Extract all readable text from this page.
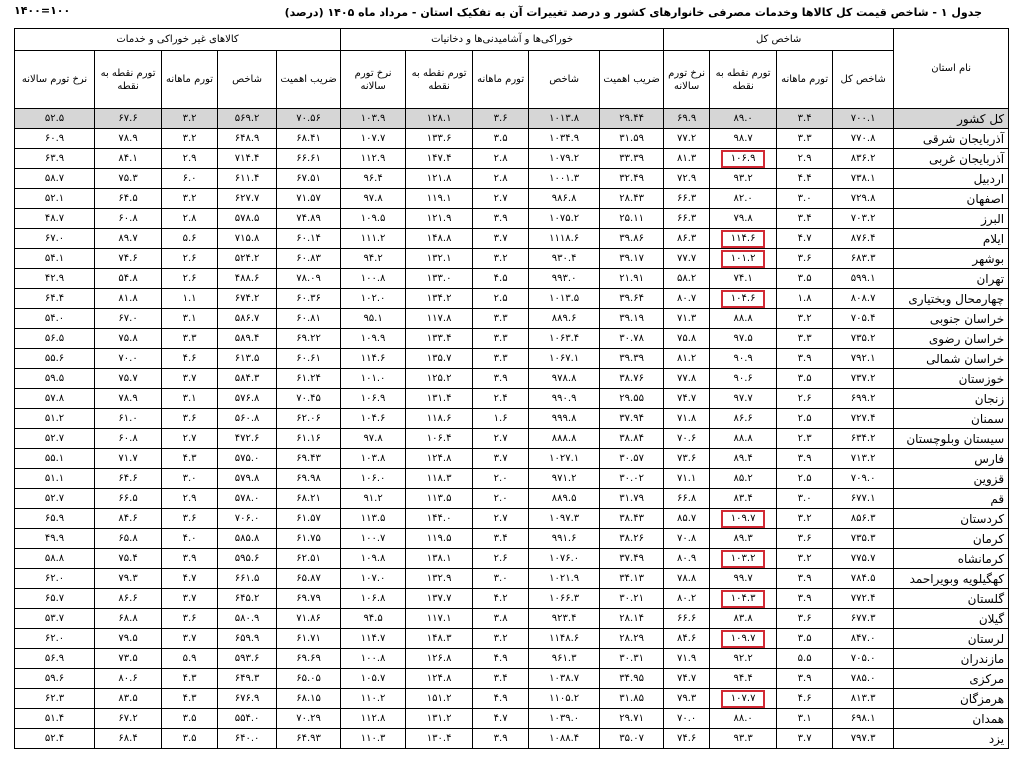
۱۴۰۰=۱۰۰	جدول ۱ - شاخص قیمت کل کالاها وخدمات مصرفی خانوارهای کشور و درصد تغییرات آن به تفکیک استان - مرداد ماه ۱۴۰۵ (درصد)
نام استان	شاخص کل				خوراکی‌ها و آشامیدنی‌ها و دخانیات					کالاهای غیر خوراکی و خدمات				
	شاخص کل	تورم ماهانه	تورم نقطه به نقطه	نرخ تورم سالانه	ضریب اهمیت	شاخص	تورم ماهانه	تورم نقطه به نقطه	نرخ تورم سالانه	ضریب اهمیت	شاخص	تورم ماهانه	تورم نقطه به نقطه	نرخ تورم سالانه
کل کشور	۷۰۰.۱	۳.۴	۸۹.۰	۶۹.۹	۲۹.۴۴	۱۰۱۳.۸	۳.۶	۱۲۸.۱	۱۰۳.۹	۷۰.۵۶	۵۶۹.۲	۳.۲	۶۷.۶	۵۲.۵
آذربایجان شرقی	۷۷۰.۸	۳.۳	۹۸.۷	۷۷.۲	۳۱.۵۹	۱۰۳۴.۹	۳.۵	۱۳۳.۶	۱۰۷.۷	۶۸.۴۱	۶۴۸.۹	۳.۲	۷۸.۹	۶۰.۹
آذربایجان غربی	۸۳۶.۲	۲.۹	۱۰۶.۹	۸۱.۳	۳۳.۳۹	۱۰۷۹.۲	۲.۸	۱۴۷.۴	۱۱۲.۹	۶۶.۶۱	۷۱۴.۴	۲.۹	۸۴.۱	۶۳.۹
اردبیل	۷۳۸.۱	۴.۴	۹۳.۲	۷۲.۹	۳۲.۴۹	۱۰۰۱.۳	۲.۸	۱۲۱.۸	۹۶.۴	۶۷.۵۱	۶۱۱.۴	۶.۰	۷۵.۳	۵۸.۷
اصفهان	۷۲۹.۸	۳.۰	۸۲.۰	۶۶.۳	۲۸.۴۳	۹۸۶.۸	۲.۷	۱۱۹.۱	۹۷.۸	۷۱.۵۷	۶۲۷.۷	۳.۲	۶۴.۵	۵۲.۱
البرز	۷۰۳.۲	۳.۴	۷۹.۸	۶۶.۳	۲۵.۱۱	۱۰۷۵.۲	۳.۹	۱۲۱.۹	۱۰۹.۵	۷۴.۸۹	۵۷۸.۵	۲.۸	۶۰.۸	۴۸.۷
ایلام	۸۷۶.۴	۴.۷	۱۱۴.۶	۸۶.۳	۳۹.۸۶	۱۱۱۸.۶	۳.۷	۱۴۸.۸	۱۱۱.۲	۶۰.۱۴	۷۱۵.۸	۵.۶	۸۹.۷	۶۷.۰
بوشهر	۶۸۳.۳	۳.۶	۱۰۱.۲	۷۷.۷	۳۹.۱۷	۹۳۰.۴	۳.۲	۱۳۲.۱	۹۴.۲	۶۰.۸۳	۵۲۴.۲	۲.۶	۷۴.۶	۵۴.۱
تهران	۵۹۹.۱	۳.۵	۷۴.۱	۵۸.۲	۲۱.۹۱	۹۹۳.۰	۴.۵	۱۳۳.۰	۱۰۰.۸	۷۸.۰۹	۴۸۸.۶	۲.۶	۵۴.۸	۴۲.۹
چهارمحال وبختیاری	۸۰۸.۷	۱.۸	۱۰۴.۶	۸۰.۷	۳۹.۶۴	۱۰۱۳.۵	۲.۵	۱۳۴.۲	۱۰۲.۰	۶۰.۳۶	۶۷۴.۲	۱.۱	۸۱.۸	۶۴.۴
خراسان جنوبی	۷۰۵.۴	۳.۲	۸۸.۸	۷۱.۳	۳۹.۱۹	۸۸۹.۶	۳.۳	۱۱۷.۸	۹۵.۱	۶۰.۸۱	۵۸۶.۷	۳.۱	۶۷.۰	۵۴.۰
خراسان رضوی	۷۳۵.۲	۳.۳	۹۷.۵	۷۵.۸	۳۰.۷۸	۱۰۶۳.۴	۳.۳	۱۳۳.۴	۱۰۹.۹	۶۹.۲۲	۵۸۹.۴	۳.۳	۷۵.۸	۵۶.۵
خراسان شمالی	۷۹۲.۱	۳.۹	۹۰.۹	۸۱.۲	۳۹.۳۹	۱۰۶۷.۱	۳.۳	۱۳۵.۷	۱۱۴.۶	۶۰.۶۱	۶۱۳.۵	۴.۶	۷۰.۰	۵۵.۶
خوزستان	۷۳۷.۲	۳.۵	۹۰.۶	۷۷.۸	۳۸.۷۶	۹۷۸.۸	۳.۹	۱۲۵.۲	۱۰۱.۰	۶۱.۲۴	۵۸۴.۳	۳.۷	۷۵.۷	۵۹.۵
زنجان	۶۹۹.۲	۲.۶	۹۷.۷	۷۴.۷	۲۹.۵۵	۹۹۰.۹	۲.۴	۱۳۱.۴	۱۰۶.۹	۷۰.۴۵	۵۷۶.۸	۳.۱	۷۸.۹	۵۷.۸
سمنان	۷۲۷.۴	۲.۵	۸۶.۶	۷۱.۸	۳۷.۹۴	۹۹۹.۸	۱.۶	۱۱۸.۶	۱۰۴.۶	۶۲.۰۶	۵۶۰.۸	۳.۶	۶۱.۰	۵۱.۲
سیستان وبلوچستان	۶۳۴.۲	۲.۳	۸۸.۸	۷۰.۶	۳۸.۸۴	۸۸۸.۸	۲.۷	۱۰۶.۴	۹۷.۸	۶۱.۱۶	۴۷۲.۶	۲.۷	۶۰.۸	۵۲.۷
فارس	۷۱۳.۲	۳.۹	۸۹.۴	۷۳.۶	۳۰.۵۷	۱۰۲۷.۱	۳.۷	۱۲۴.۸	۱۰۳.۸	۶۹.۴۳	۵۷۵.۰	۴.۳	۷۱.۷	۵۵.۱
قزوین	۷۰۹.۰	۲.۵	۸۵.۲	۷۱.۱	۳۰.۰۲	۹۷۱.۲	۲.۰	۱۱۸.۳	۱۰۶.۰	۶۹.۹۸	۵۷۹.۸	۳.۰	۶۴.۶	۵۱.۱
قم	۶۷۷.۱	۳.۰	۸۳.۴	۶۶.۸	۳۱.۷۹	۸۸۹.۵	۲.۰	۱۱۳.۵	۹۱.۲	۶۸.۲۱	۵۷۸.۰	۲.۹	۶۶.۵	۵۲.۷
کردستان	۸۵۶.۳	۳.۲	۱۰۹.۷	۸۵.۷	۳۸.۴۳	۱۰۹۷.۳	۲.۷	۱۴۴.۰	۱۱۳.۵	۶۱.۵۷	۷۰۶.۰	۳.۶	۸۴.۶	۶۵.۹
کرمان	۷۳۵.۳	۳.۶	۸۹.۳	۷۰.۸	۳۸.۲۶	۹۹۱.۶	۳.۴	۱۱۹.۵	۱۰۰.۷	۶۱.۷۵	۵۸۵.۸	۴.۰	۶۵.۸	۴۹.۹
کرمانشاه	۷۷۵.۷	۳.۲	۱۰۳.۲	۸۰.۹	۳۷.۴۹	۱۰۷۶.۰	۲.۶	۱۳۸.۱	۱۰۹.۸	۶۲.۵۱	۵۹۵.۶	۳.۹	۷۵.۴	۵۸.۸
کهگیلویه وبویراحمد	۷۸۴.۵	۳.۹	۹۹.۷	۷۸.۸	۳۴.۱۳	۱۰۲۱.۹	۳.۰	۱۳۲.۹	۱۰۷.۰	۶۵.۸۷	۶۶۱.۵	۴.۷	۷۹.۳	۶۲.۰
گلستان	۷۷۲.۴	۳.۹	۱۰۴.۳	۸۰.۲	۳۰.۲۱	۱۰۶۶.۳	۴.۲	۱۳۷.۷	۱۰۶.۸	۶۹.۷۹	۶۴۵.۲	۳.۷	۸۶.۶	۶۵.۷
گیلان	۶۷۷.۳	۳.۶	۸۳.۸	۶۶.۶	۲۸.۱۴	۹۲۳.۴	۳.۸	۱۱۷.۱	۹۴.۵	۷۱.۸۶	۵۸۰.۹	۳.۶	۶۸.۸	۵۳.۷
لرستان	۸۴۷.۰	۳.۵	۱۰۹.۷	۸۴.۶	۲۸.۲۹	۱۱۴۸.۶	۳.۲	۱۴۸.۳	۱۱۴.۷	۶۱.۷۱	۶۵۹.۹	۳.۷	۷۹.۵	۶۲.۰
مازندران	۷۰۵.۰	۵.۵	۹۲.۲	۷۱.۹	۳۰.۳۱	۹۶۱.۳	۴.۹	۱۲۶.۸	۱۰۰.۸	۶۹.۶۹	۵۹۳.۶	۵.۹	۷۳.۵	۵۶.۹
مرکزی	۷۸۵.۰	۳.۹	۹۴.۴	۷۴.۷	۳۴.۹۵	۱۰۳۸.۷	۳.۴	۱۲۴.۸	۱۰۵.۷	۶۵.۰۵	۶۴۹.۳	۴.۳	۸۰.۶	۵۹.۶
هرمزگان	۸۱۳.۳	۴.۶	۱۰۷.۷	۷۹.۳	۳۱.۸۵	۱۱۰۵.۲	۴.۹	۱۵۱.۲	۱۱۰.۲	۶۸.۱۵	۶۷۶.۹	۴.۳	۸۳.۵	۶۲.۳
همدان	۶۹۸.۱	۳.۱	۸۸.۰	۷۰.۰	۲۹.۷۱	۱۰۳۹.۰	۴.۷	۱۳۱.۲	۱۱۲.۸	۷۰.۲۹	۵۵۴.۰	۳.۵	۶۷.۲	۵۱.۴
یزد	۷۹۷.۳	۳.۷	۹۳.۳	۷۴.۶	۳۵.۰۷	۱۰۸۸.۴	۳.۹	۱۳۰.۴	۱۱۰.۳	۶۴.۹۳	۶۴۰.۰	۳.۵	۶۸.۴	۵۲.۴
